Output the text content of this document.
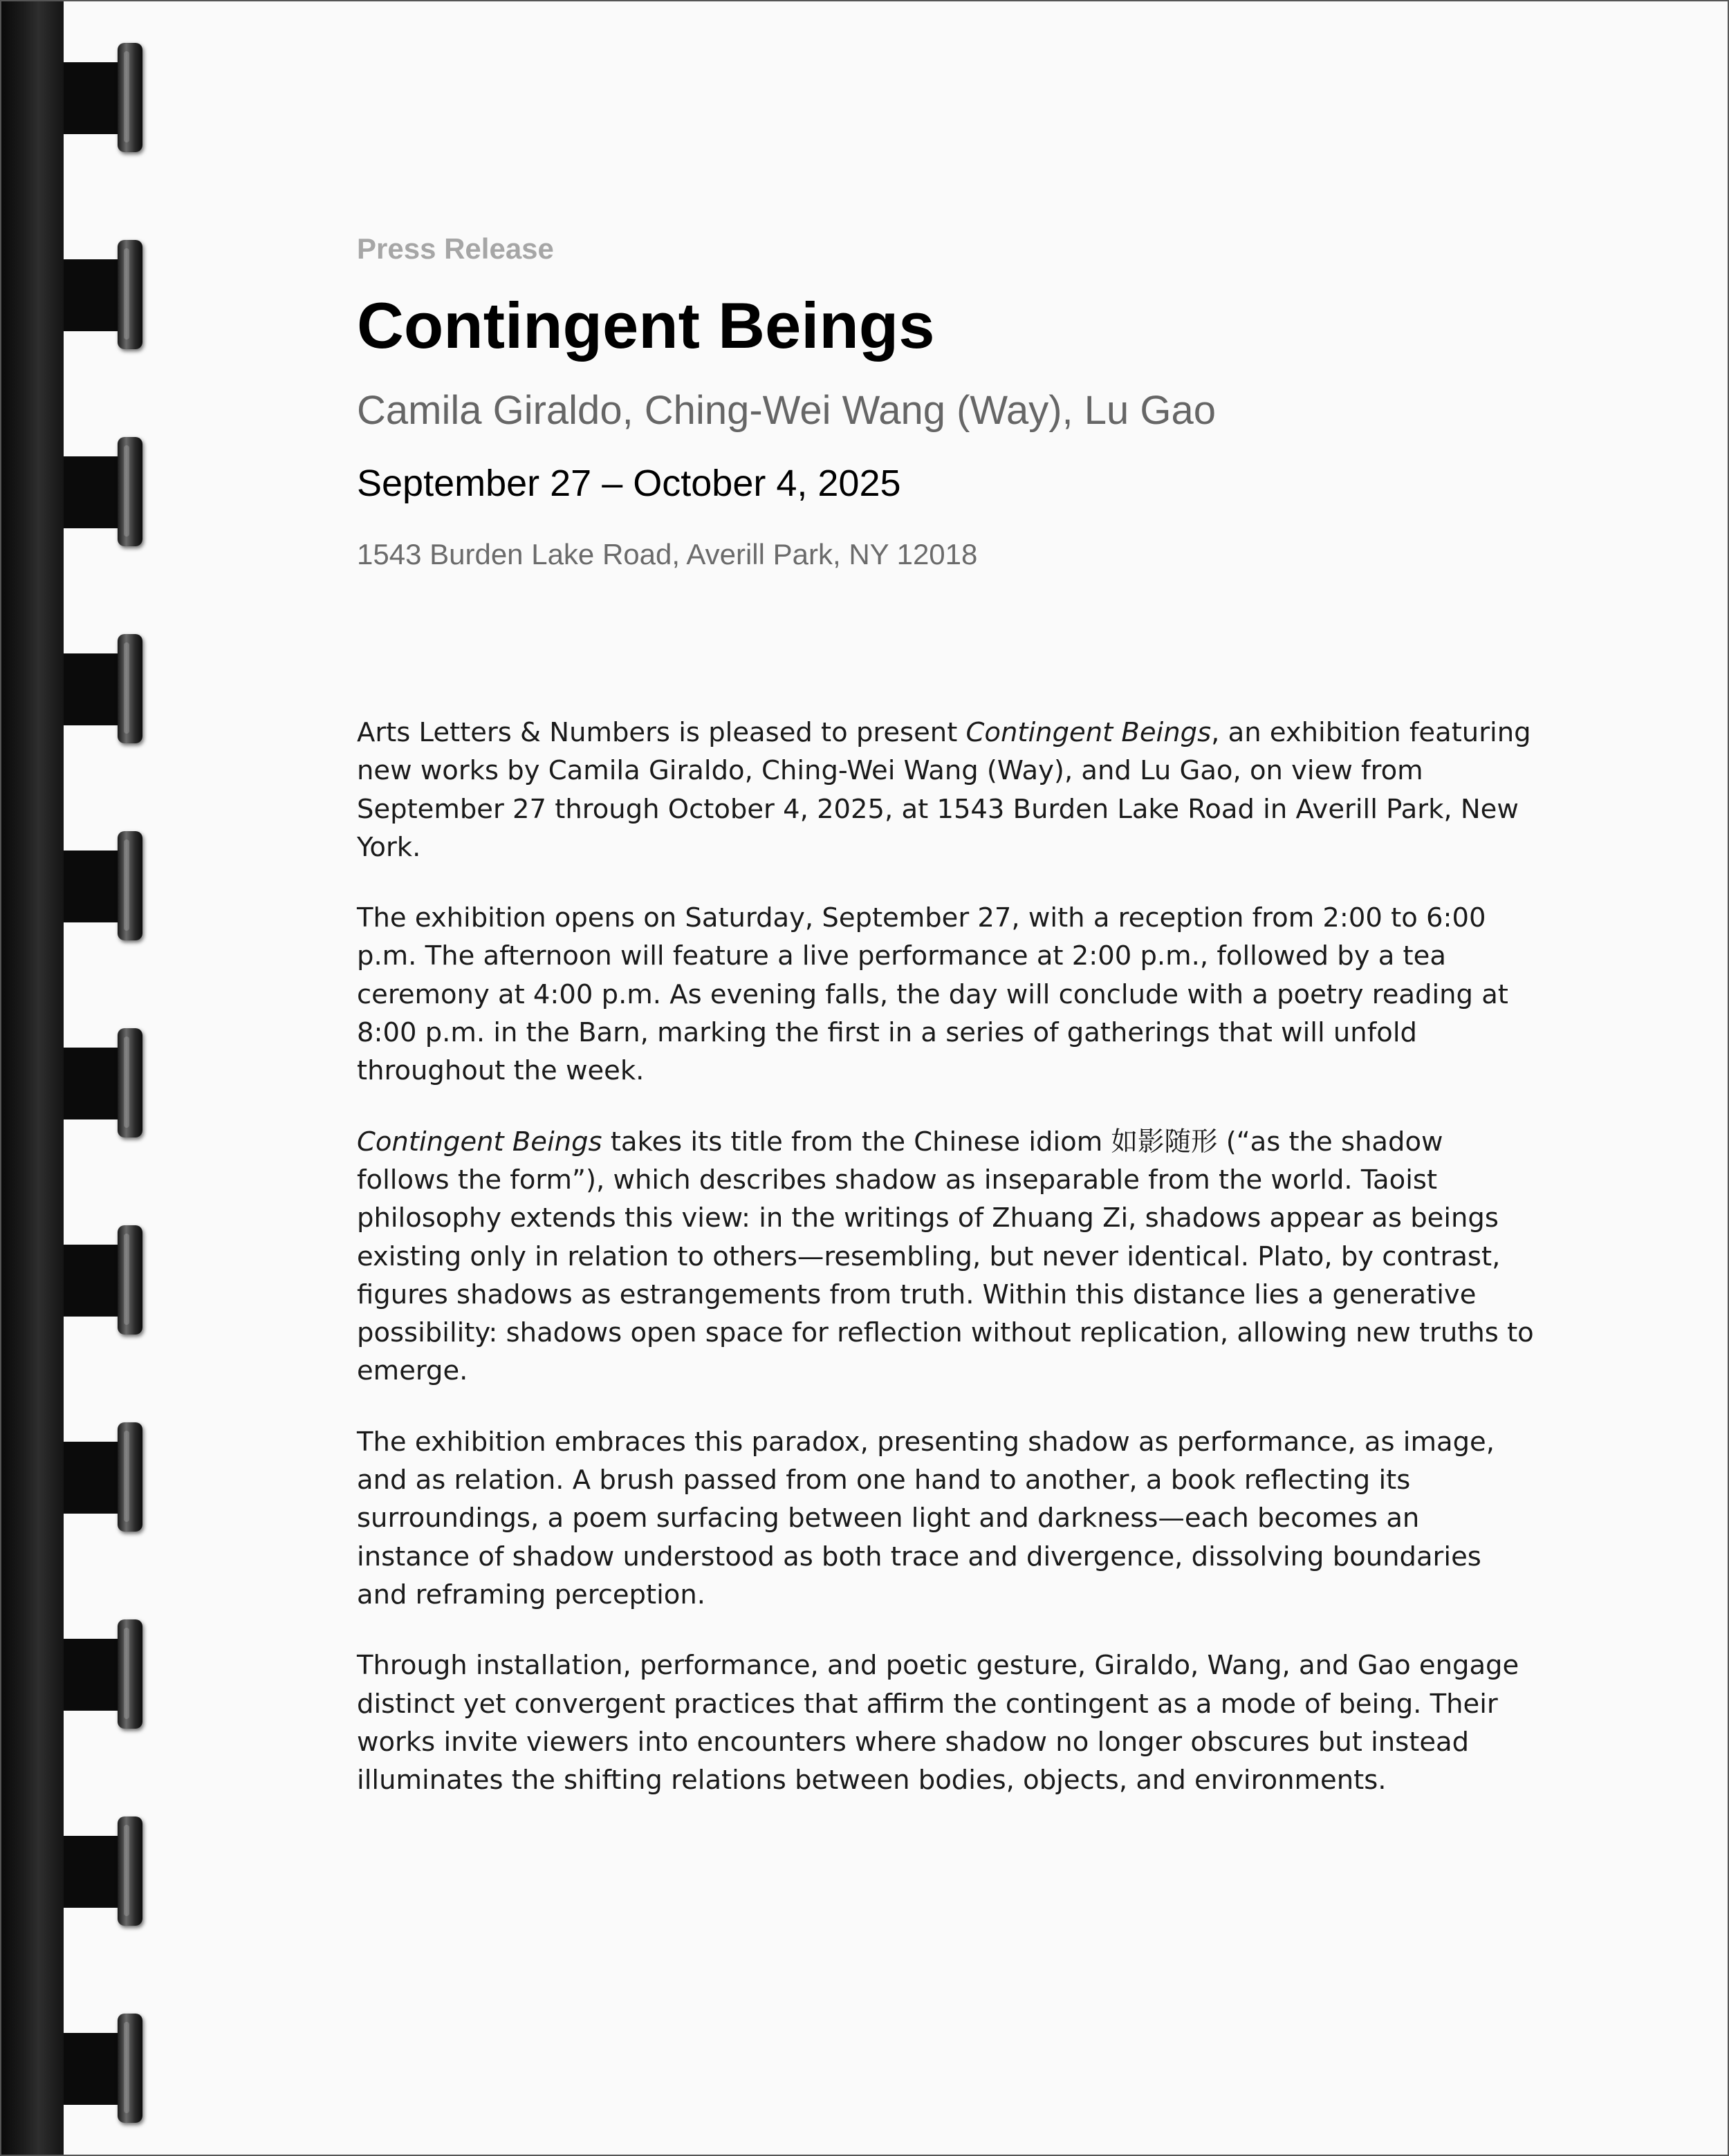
Press Release

Contingent Beings

Camila Giraldo, Ching-Wei Wang (Way), Lu Gao

September 27 – October 4, 2025

1543 Burden Lake Road, Averill Park, NY 12018

Arts Letters & Numbers is pleased to present Contingent Beings, an exhibition featuring new works by Camila Giraldo, Ching-Wei Wang (Way), and Lu Gao, on view from September 27 through October 4, 2025, at 1543 Burden Lake Road in Averill Park, New York.

The exhibition opens on Saturday, September 27, with a reception from 2:00 to 6:00 p.m. The afternoon will feature a live performance at 2:00 p.m., followed by a tea ceremony at 4:00 p.m. As evening falls, the day will conclude with a poetry reading at 8:00 p.m. in the Barn, marking the first in a series of gatherings that will unfold throughout the week.

Contingent Beings takes its title from the Chinese idiom 如影随形 (“as the shadow follows the form”), which describes shadow as inseparable from the world. Taoist philosophy extends this view: in the writings of Zhuang Zi, shadows appear as beings existing only in relation to others—resembling, but never identical. Plato, by contrast, figures shadows as estrangements from truth. Within this distance lies a generative possibility: shadows open space for reflection without replication, allowing new truths to emerge.

The exhibition embraces this paradox, presenting shadow as performance, as image, and as relation. A brush passed from one hand to another, a book reflecting its surroundings, a poem surfacing between light and darkness—each becomes an instance of shadow understood as both trace and divergence, dissolving boundaries and reframing perception.

Through installation, performance, and poetic gesture, Giraldo, Wang, and Gao engage distinct yet convergent practices that affirm the contingent as a mode of being. Their works invite viewers into encounters where shadow no longer obscures but instead illuminates the shifting relations between bodies, objects, and environments.
